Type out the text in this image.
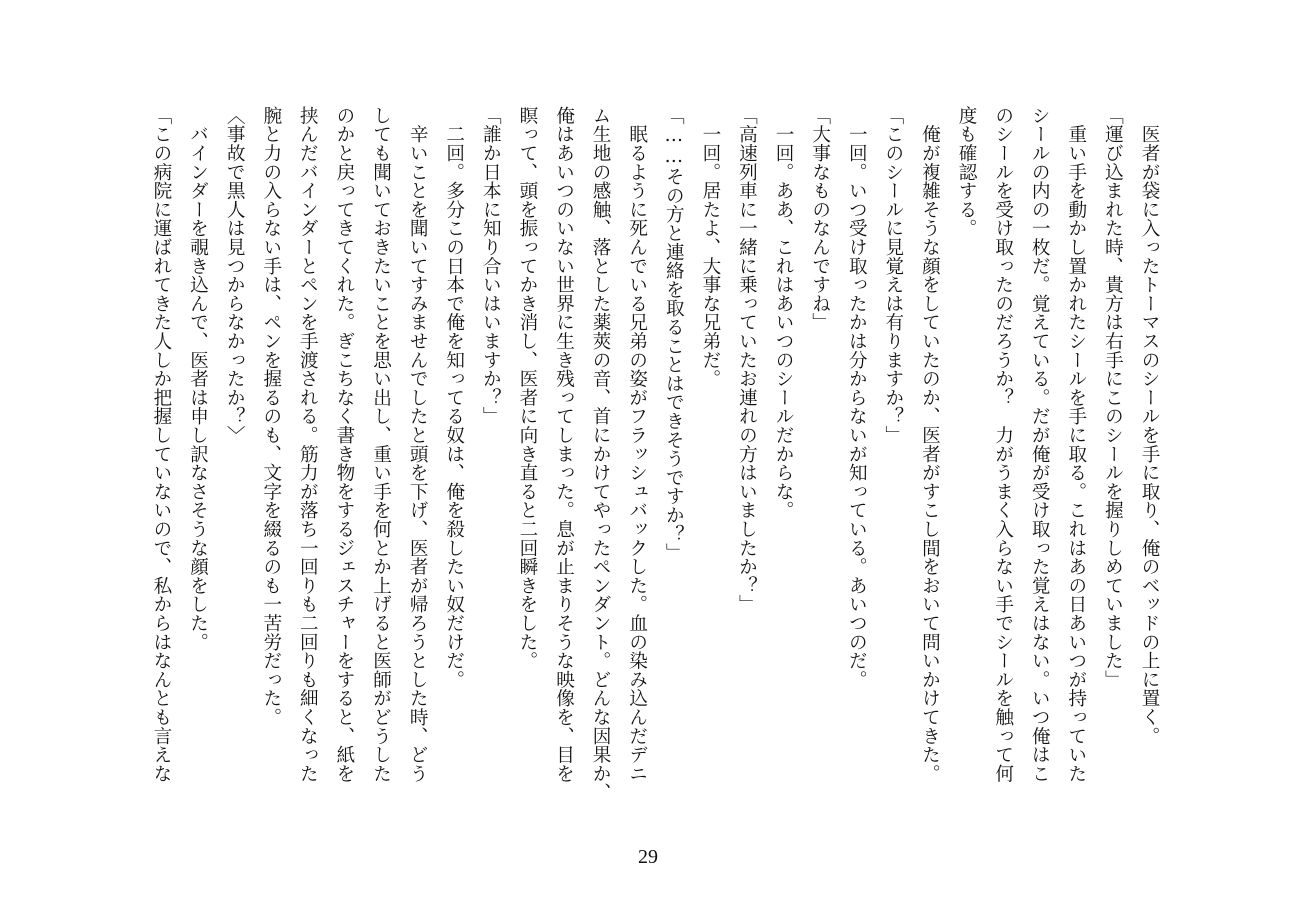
　医者が袋に入ったトーマスのシールを手に取り、俺のベッドの上に置く。
「運び込まれた時、貴方は右手にこのシールを握りしめていました」
　重い手を動かし置かれたシールを手に取る。これはあの日あいつが持っていた
シールの内の一枚だ。覚えている。だが俺が受け取った覚えはない。いつ俺はこ
のシールを受け取ったのだろうか？　力がうまく入らない手でシールを触って何
度も確認する。
　俺が複雑そうな顔をしていたのか、医者がすこし間をおいて問いかけてきた。
「このシールに見覚えは有りますか？」
　一回。いつ受け取ったかは分からないが知っている。あいつのだ。
「大事なものなんですね」
　一回。ああ、これはあいつのシールだからな。
「高速列車に一緒に乗っていたお連れの方はいましたか？」
　一回。居たよ、大事な兄弟だ。
「……その方と連絡を取ることはできそうですか？」
　眠るように死んでいる兄弟の姿がフラッシュバックした。血の染み込んだデニ
ム生地の感触、落とした薬莢の音、首にかけてやったペンダント。どんな因果か、
俺はあいつのいない世界に生き残ってしまった。息が止まりそうな映像を、目を
瞑って、頭を振ってかき消し、医者に向き直ると二回瞬きをした。
「誰か日本に知り合いはいますか？」
　二回。多分この日本で俺を知ってる奴は、俺を殺したい奴だけだ。
　辛いことを聞いてすみませんでしたと頭を下げ、医者が帰ろうとした時、どう
しても聞いておきたいことを思い出し、重い手を何とか上げると医師がどうした
のかと戻ってきてくれた。ぎこちなく書き物をするジェスチャーをすると、紙を
挟んだバインダーとペンを手渡される。筋力が落ち一回りも二回りも細くなった
腕と力の入らない手は、ペンを握るのも、文字を綴るのも一苦労だった。
〈事故で黒人は見つからなかったか？〉
　バインダーを覗き込んで、医者は申し訳なさそうな顔をした。
「この病院に運ばれてきた人しか把握していないので、私からはなんとも言えな
29
